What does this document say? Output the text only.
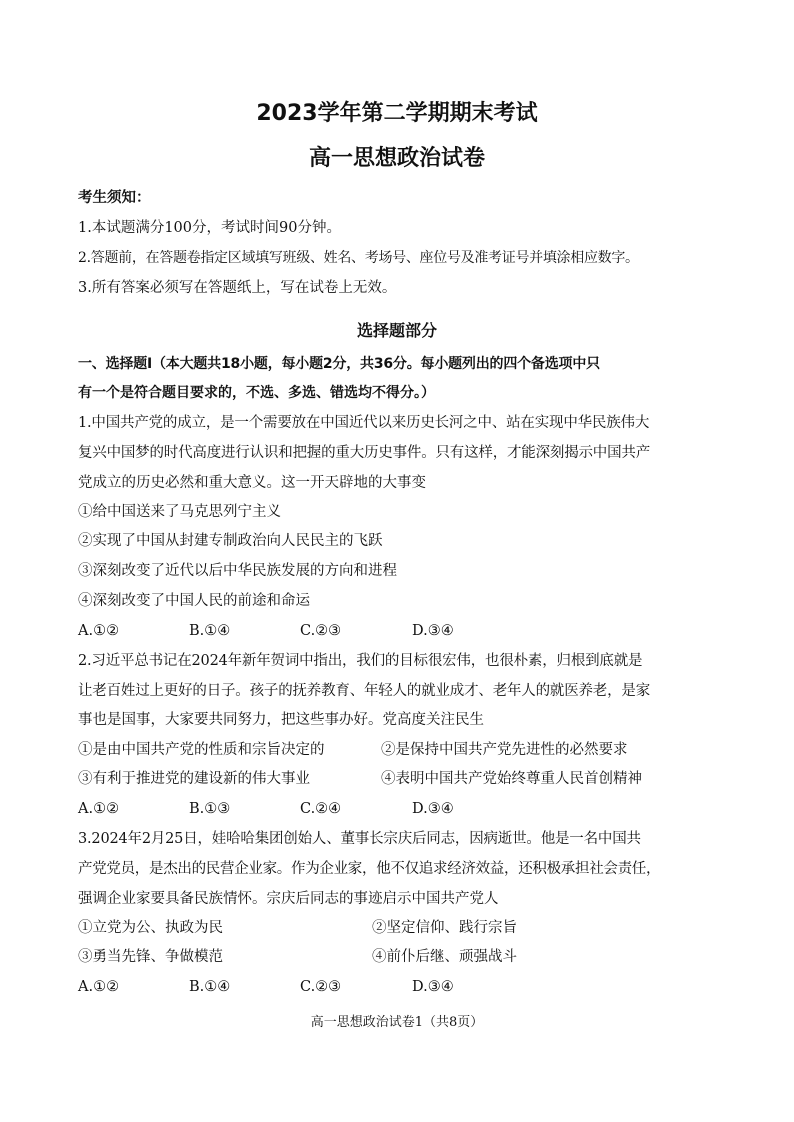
2023学年第二学期期末考试
高一思想政治试卷
考生须知：
1.本试题满分100分，考试时间90分钟。
2.答题前，在答题卷指定区域填写班级、姓名、考场号、座位号及准考证号并填涂相应数字。
3.所有答案必须写在答题纸上，写在试卷上无效。
选择题部分
一、选择题Ⅰ（本大题共18小题，每小题2分，共36分。每小题列出的四个备选项中只
有一个是符合题目要求的，不选、多选、错选均不得分。）
1.中国共产党的成立，是一个需要放在中国近代以来历史长河之中、站在实现中华民族伟大
复兴中国梦的时代高度进行认识和把握的重大历史事件。只有这样，才能深刻揭示中国共产
党成立的历史必然和重大意义。这一开天辟地的大事变
①给中国送来了马克思列宁主义
②实现了中国从封建专制政治向人民民主的飞跃
③深刻改变了近代以后中华民族发展的方向和进程
④深刻改变了中国人民的前途和命运
A.①②	B.①④	C.②③	D.③④
2.习近平总书记在2024年新年贺词中指出，我们的目标很宏伟，也很朴素，归根到底就是
让老百姓过上更好的日子。孩子的抚养教育、年轻人的就业成才、老年人的就医养老，是家
事也是国事，大家要共同努力，把这些事办好。党高度关注民生
①是由中国共产党的性质和宗旨决定的	②是保持中国共产党先进性的必然要求
③有利于推进党的建设新的伟大事业	④表明中国共产党始终尊重人民首创精神
A.①②	B.①③	C.②④	D.③④
3.2024年2月25日，娃哈哈集团创始人、董事长宗庆后同志，因病逝世。他是一名中国共
产党党员，是杰出的民营企业家。作为企业家，他不仅追求经济效益，还积极承担社会责任，
强调企业家要具备民族情怀。宗庆后同志的事迹启示中国共产党人
①立党为公、执政为民	②坚定信仰、践行宗旨
③勇当先锋、争做模范	④前仆后继、顽强战斗
A.①②	B.①④	C.②③	D.③④
高一思想政治试卷1（共8页）
